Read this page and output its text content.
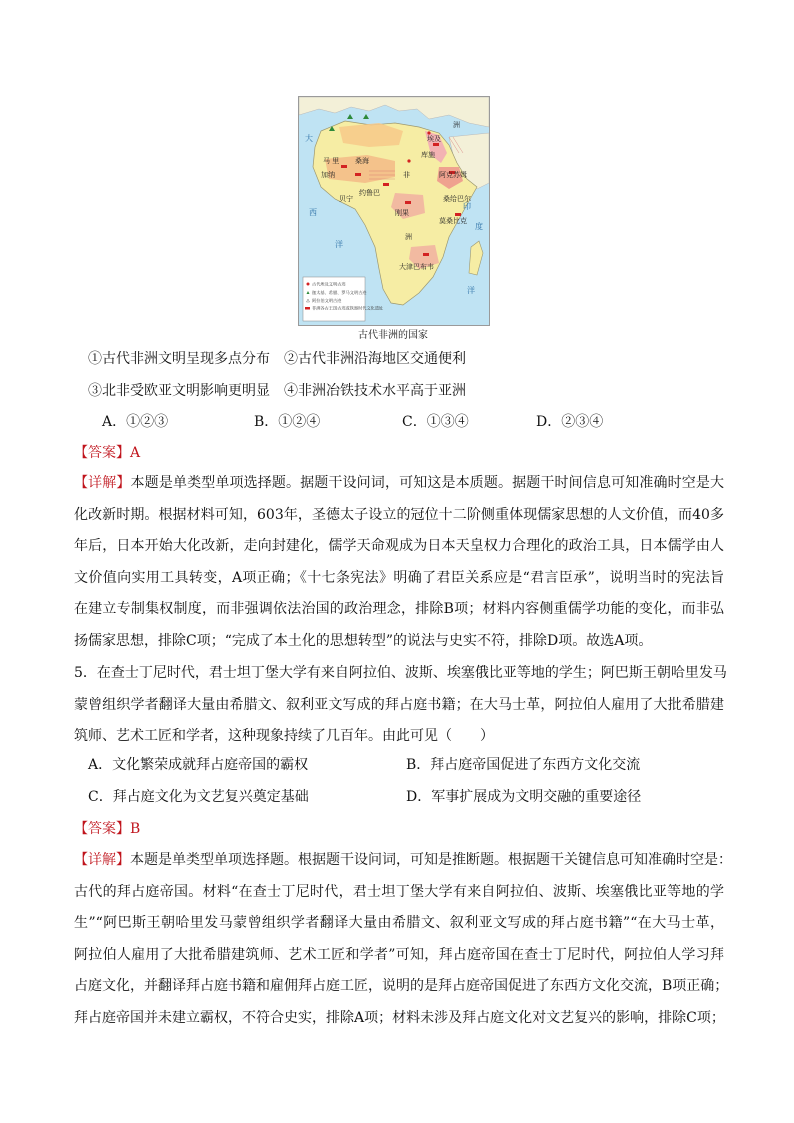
马 里 桑海
加纳
约鲁巴
埃及
库施
阿克苏姆
刚果
大津巴布韦
桑给巴尔
贝宁
莫桑比克
非
洲
洲
大
西
洋
印
度
洋
古代埃及文明古迹
迦太基、希腊、罗马文明古迹
阿拉伯文明古迹
非洲各古王国古迹或铁器时代文化遗址
古代非洲的国家
①古代非洲文明呈现多点分布　②古代非洲沿海地区交通便利
③北非受欧亚文明影响更明显　④非洲冶铁技术水平高于亚洲
A．①②③	B．①②④	C．①③④	D．②③④
【答案】A
【详解】本题是单类型单项选择题。据题干设问词，可知这是本质题。据题干时间信息可知准确时空是大
化改新时期。根据材料可知，603年，圣德太子设立的冠位十二阶侧重体现儒家思想的人文价值，而40多
年后，日本开始大化改新，走向封建化，儒学天命观成为日本天皇权力合理化的政治工具，日本儒学由人
文价值向实用工具转变，A项正确；《十七条宪法》明确了君臣关系应是“君言臣承”，说明当时的宪法旨
在建立专制集权制度，而非强调依法治国的政治理念，排除B项；材料内容侧重儒学功能的变化，而非弘
扬儒家思想，排除C项；“完成了本土化的思想转型”的说法与史实不符，排除D项。故选A项。
5．在查士丁尼时代，君士坦丁堡大学有来自阿拉伯、波斯、埃塞俄比亚等地的学生；阿巴斯王朝哈里发马
蒙曾组织学者翻译大量由希腊文、叙利亚文写成的拜占庭书籍；在大马士革，阿拉伯人雇用了大批希腊建
筑师、艺术工匠和学者，这种现象持续了几百年。由此可见（　　）
A．文化繁荣成就拜占庭帝国的霸权	B．拜占庭帝国促进了东西方文化交流
C．拜占庭文化为文艺复兴奠定基础	D．军事扩展成为文明交融的重要途径
【答案】B
【详解】本题是单类型单项选择题。根据题干设问词，可知是推断题。根据题干关键信息可知准确时空是：
古代的拜占庭帝国。材料“在查士丁尼时代，君士坦丁堡大学有来自阿拉伯、波斯、埃塞俄比亚等地的学
生”“阿巴斯王朝哈里发马蒙曾组织学者翻译大量由希腊文、叙利亚文写成的拜占庭书籍”“在大马士革，
阿拉伯人雇用了大批希腊建筑师、艺术工匠和学者”可知，拜占庭帝国在查士丁尼时代，阿拉伯人学习拜
占庭文化，并翻译拜占庭书籍和雇佣拜占庭工匠，说明的是拜占庭帝国促进了东西方文化交流，B项正确；
拜占庭帝国并未建立霸权，不符合史实，排除A项；材料未涉及拜占庭文化对文艺复兴的影响，排除C项；
